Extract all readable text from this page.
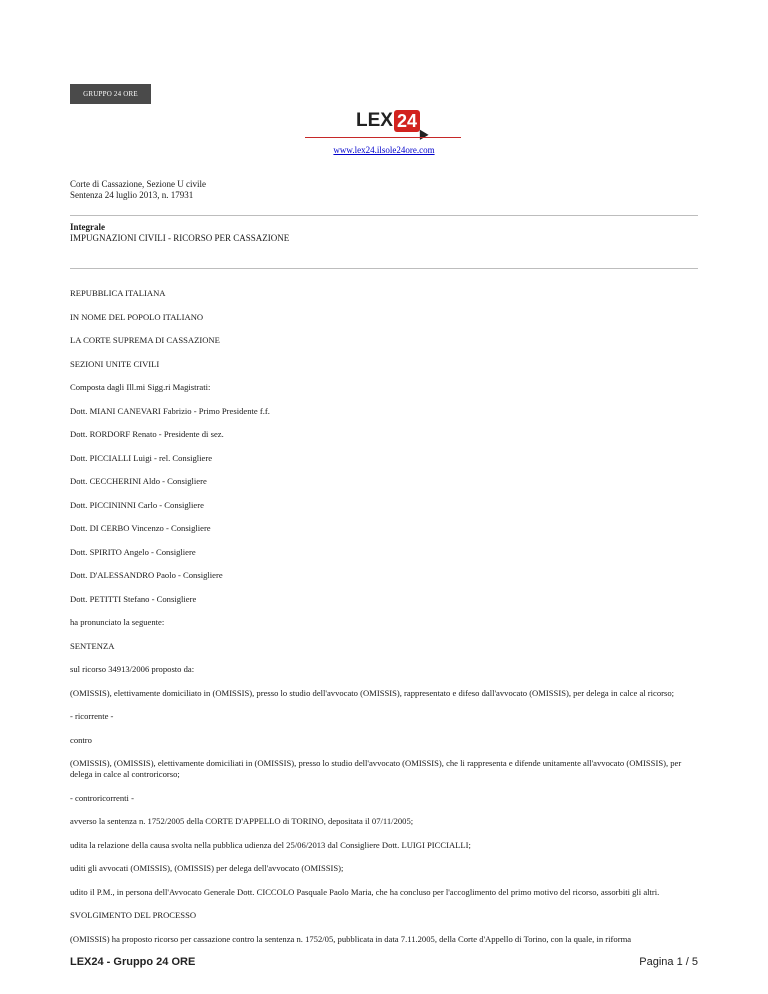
GRUPPO 24 ORE
LEX 24
www.lex24.ilsole24ore.com
Corte di Cassazione, Sezione U civile
Sentenza 24 luglio 2013, n. 17931
Integrale
IMPUGNAZIONI CIVILI - RICORSO PER CASSAZIONE

REPUBBLICA ITALIANA

IN NOME DEL POPOLO ITALIANO

LA CORTE SUPREMA DI CASSAZIONE

SEZIONI UNITE CIVILI

Composta dagli Ill.mi Sigg.ri Magistrati:

Dott. MIANI CANEVARI Fabrizio - Primo Presidente f.f.

Dott. RORDORF Renato - Presidente di sez.

Dott. PICCIALLI Luigi - rel. Consigliere

Dott. CECCHERINI Aldo - Consigliere

Dott. PICCININNI Carlo - Consigliere

Dott. DI CERBO Vincenzo - Consigliere

Dott. SPIRITO Angelo - Consigliere

Dott. D'ALESSANDRO Paolo - Consigliere

Dott. PETITTI Stefano - Consigliere

ha pronunciato la seguente:

SENTENZA

sul ricorso 34913/2006 proposto da:

(OMISSIS), elettivamente domiciliato in (OMISSIS), presso lo studio dell'avvocato (OMISSIS), rappresentato e difeso dall'avvocato (OMISSIS), per delega in calce al ricorso;

- ricorrente -

contro

(OMISSIS), (OMISSIS), elettivamente domiciliati in (OMISSIS), presso lo studio dell'avvocato (OMISSIS), che li rappresenta e difende unitamente all'avvocato (OMISSIS), per delega in calce al controricorso;

- controricorrenti -

avverso la sentenza n. 1752/2005 della CORTE D'APPELLO di TORINO, depositata il 07/11/2005;

udita la relazione della causa svolta nella pubblica udienza del 25/06/2013 dal Consigliere Dott. LUIGI PICCIALLI;

uditi gli avvocati (OMISSIS), (OMISSIS) per delega dell'avvocato (OMISSIS);

udito il P.M., in persona dell'Avvocato Generale Dott. CICCOLO Pasquale Paolo Maria, che ha concluso per l'accoglimento del primo motivo del ricorso, assorbiti gli altri.

SVOLGIMENTO DEL PROCESSO

(OMISSIS) ha proposto ricorso per cassazione contro la sentenza n. 1752/05, pubblicata in data 7.11.2005, della Corte d'Appello di Torino, con la quale, in riforma

LEX24 - Gruppo 24 ORE	Pagina 1 / 5
